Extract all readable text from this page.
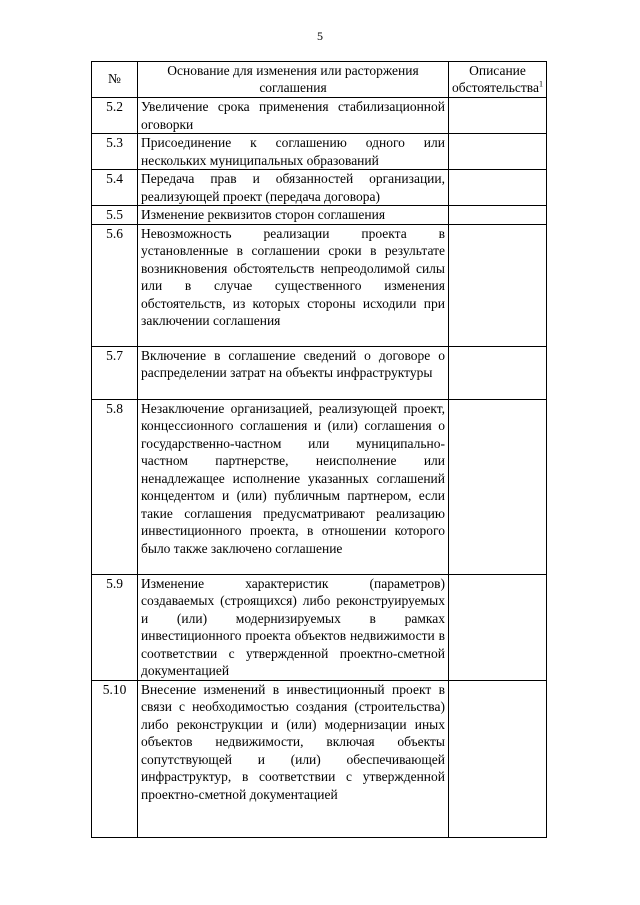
5
№	Основание для изменения или расторжения соглашения	Описание обстоятельства$^1$
5.2	Увеличение срока применения стабилизационной оговорки	
5.3	Присоединение к соглашению одного или нескольких муниципальных образований	
5.4	Передача прав и обязанностей организации, реализующей проект (передача договора)	
5.5	Изменение реквизитов сторон соглашения	
5.6	Невозможность реализации проекта в установленные в соглашении сроки в результате возникновения обстоятельств непреодолимой силы или в случае существенного изменения обстоятельств, из которых стороны исходили при заключении соглашения	
5.7	Включение в соглашение сведений о договоре о распределении затрат на объекты инфраструктуры	
5.8	Незаключение организацией, реализующей проект, концессионного соглашения и (или) соглашения о государственно-частном или муниципально-частном партнерстве, неисполнение или ненадлежащее исполнение указанных соглашений концедентом и (или) публичным партнером, если такие соглашения предусматривают реализацию инвестиционного проекта, в отношении которого было также заключено соглашение	
5.9	Изменение характеристик (параметров) создаваемых (строящихся) либо реконструируемых и (или) модернизируемых в рамках инвестиционного проекта объектов недвижимости в соответствии с утвержденной проектно-сметной документацией	
5.10	Внесение изменений в инвестиционный проект в связи с необходимостью создания (строительства) либо реконструкции и (или) модернизации иных объектов недвижимости, включая объекты сопутствующей и (или) обеспечивающей инфраструктур, в соответствии с утвержденной проектно-сметной документацией	
